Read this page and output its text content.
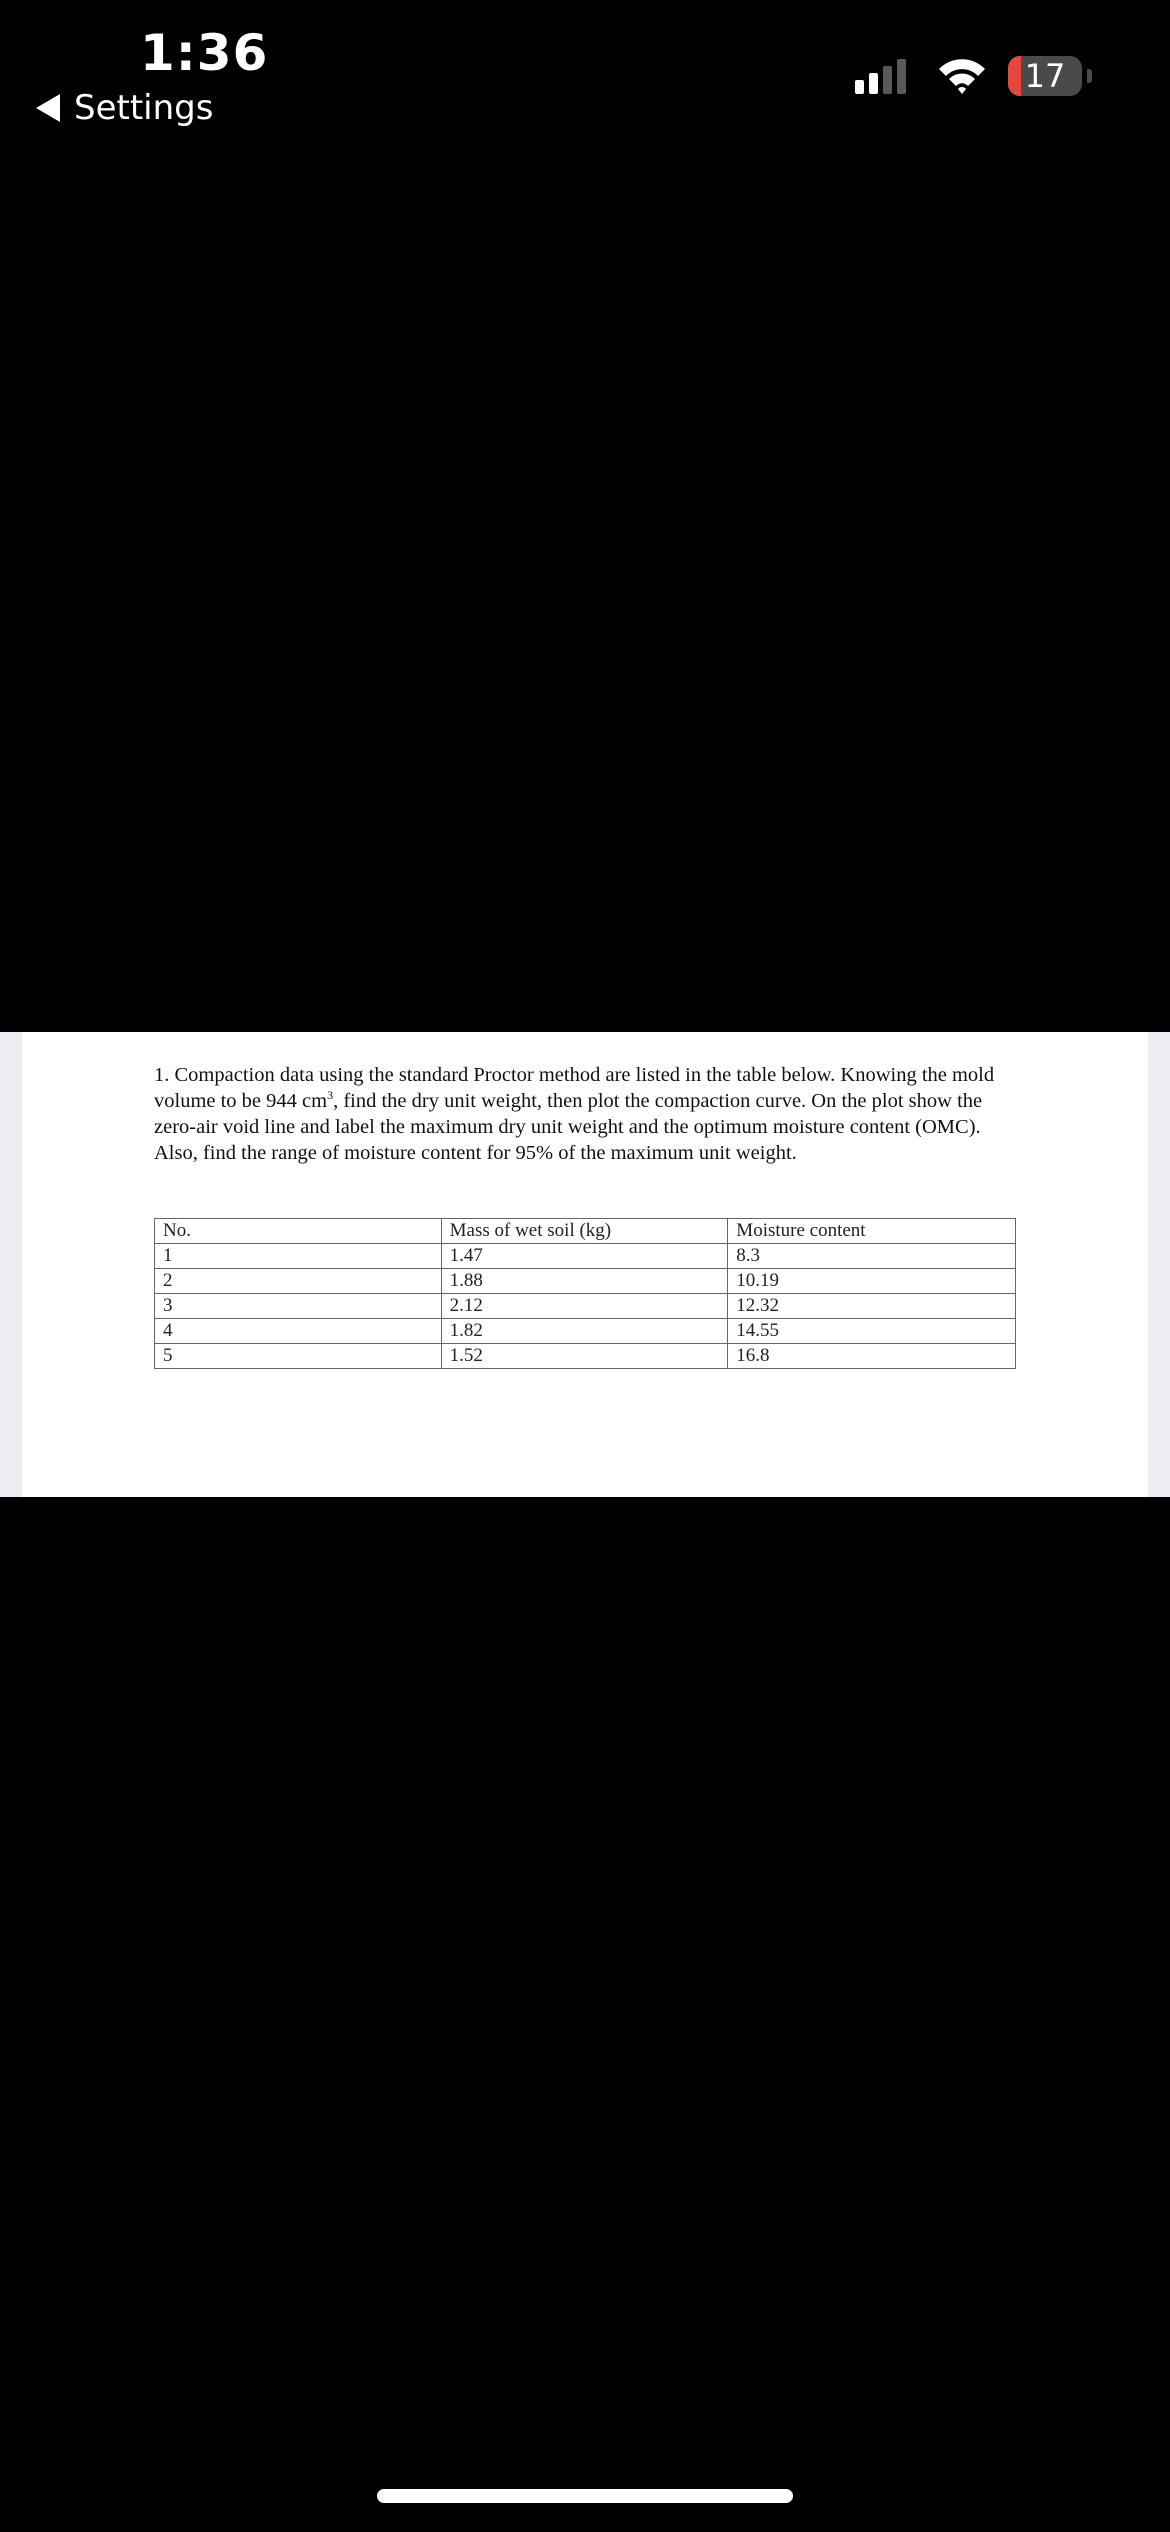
1:36
Settings
17

1. Compaction data using the standard Proctor method are listed in the table below. Knowing the mold volume to be 944 $cm^3$, find the dry unit weight, then plot the compaction curve. On the plot show the zero-air void line and label the maximum dry unit weight and the optimum moisture content (OMC). Also, find the range of moisture content for 95% of the maximum unit weight.

No.	Mass of wet soil (kg)	Moisture content
1	1.47	8.3
2	1.88	10.19
3	2.12	12.32
4	1.82	14.55
5	1.52	16.8
